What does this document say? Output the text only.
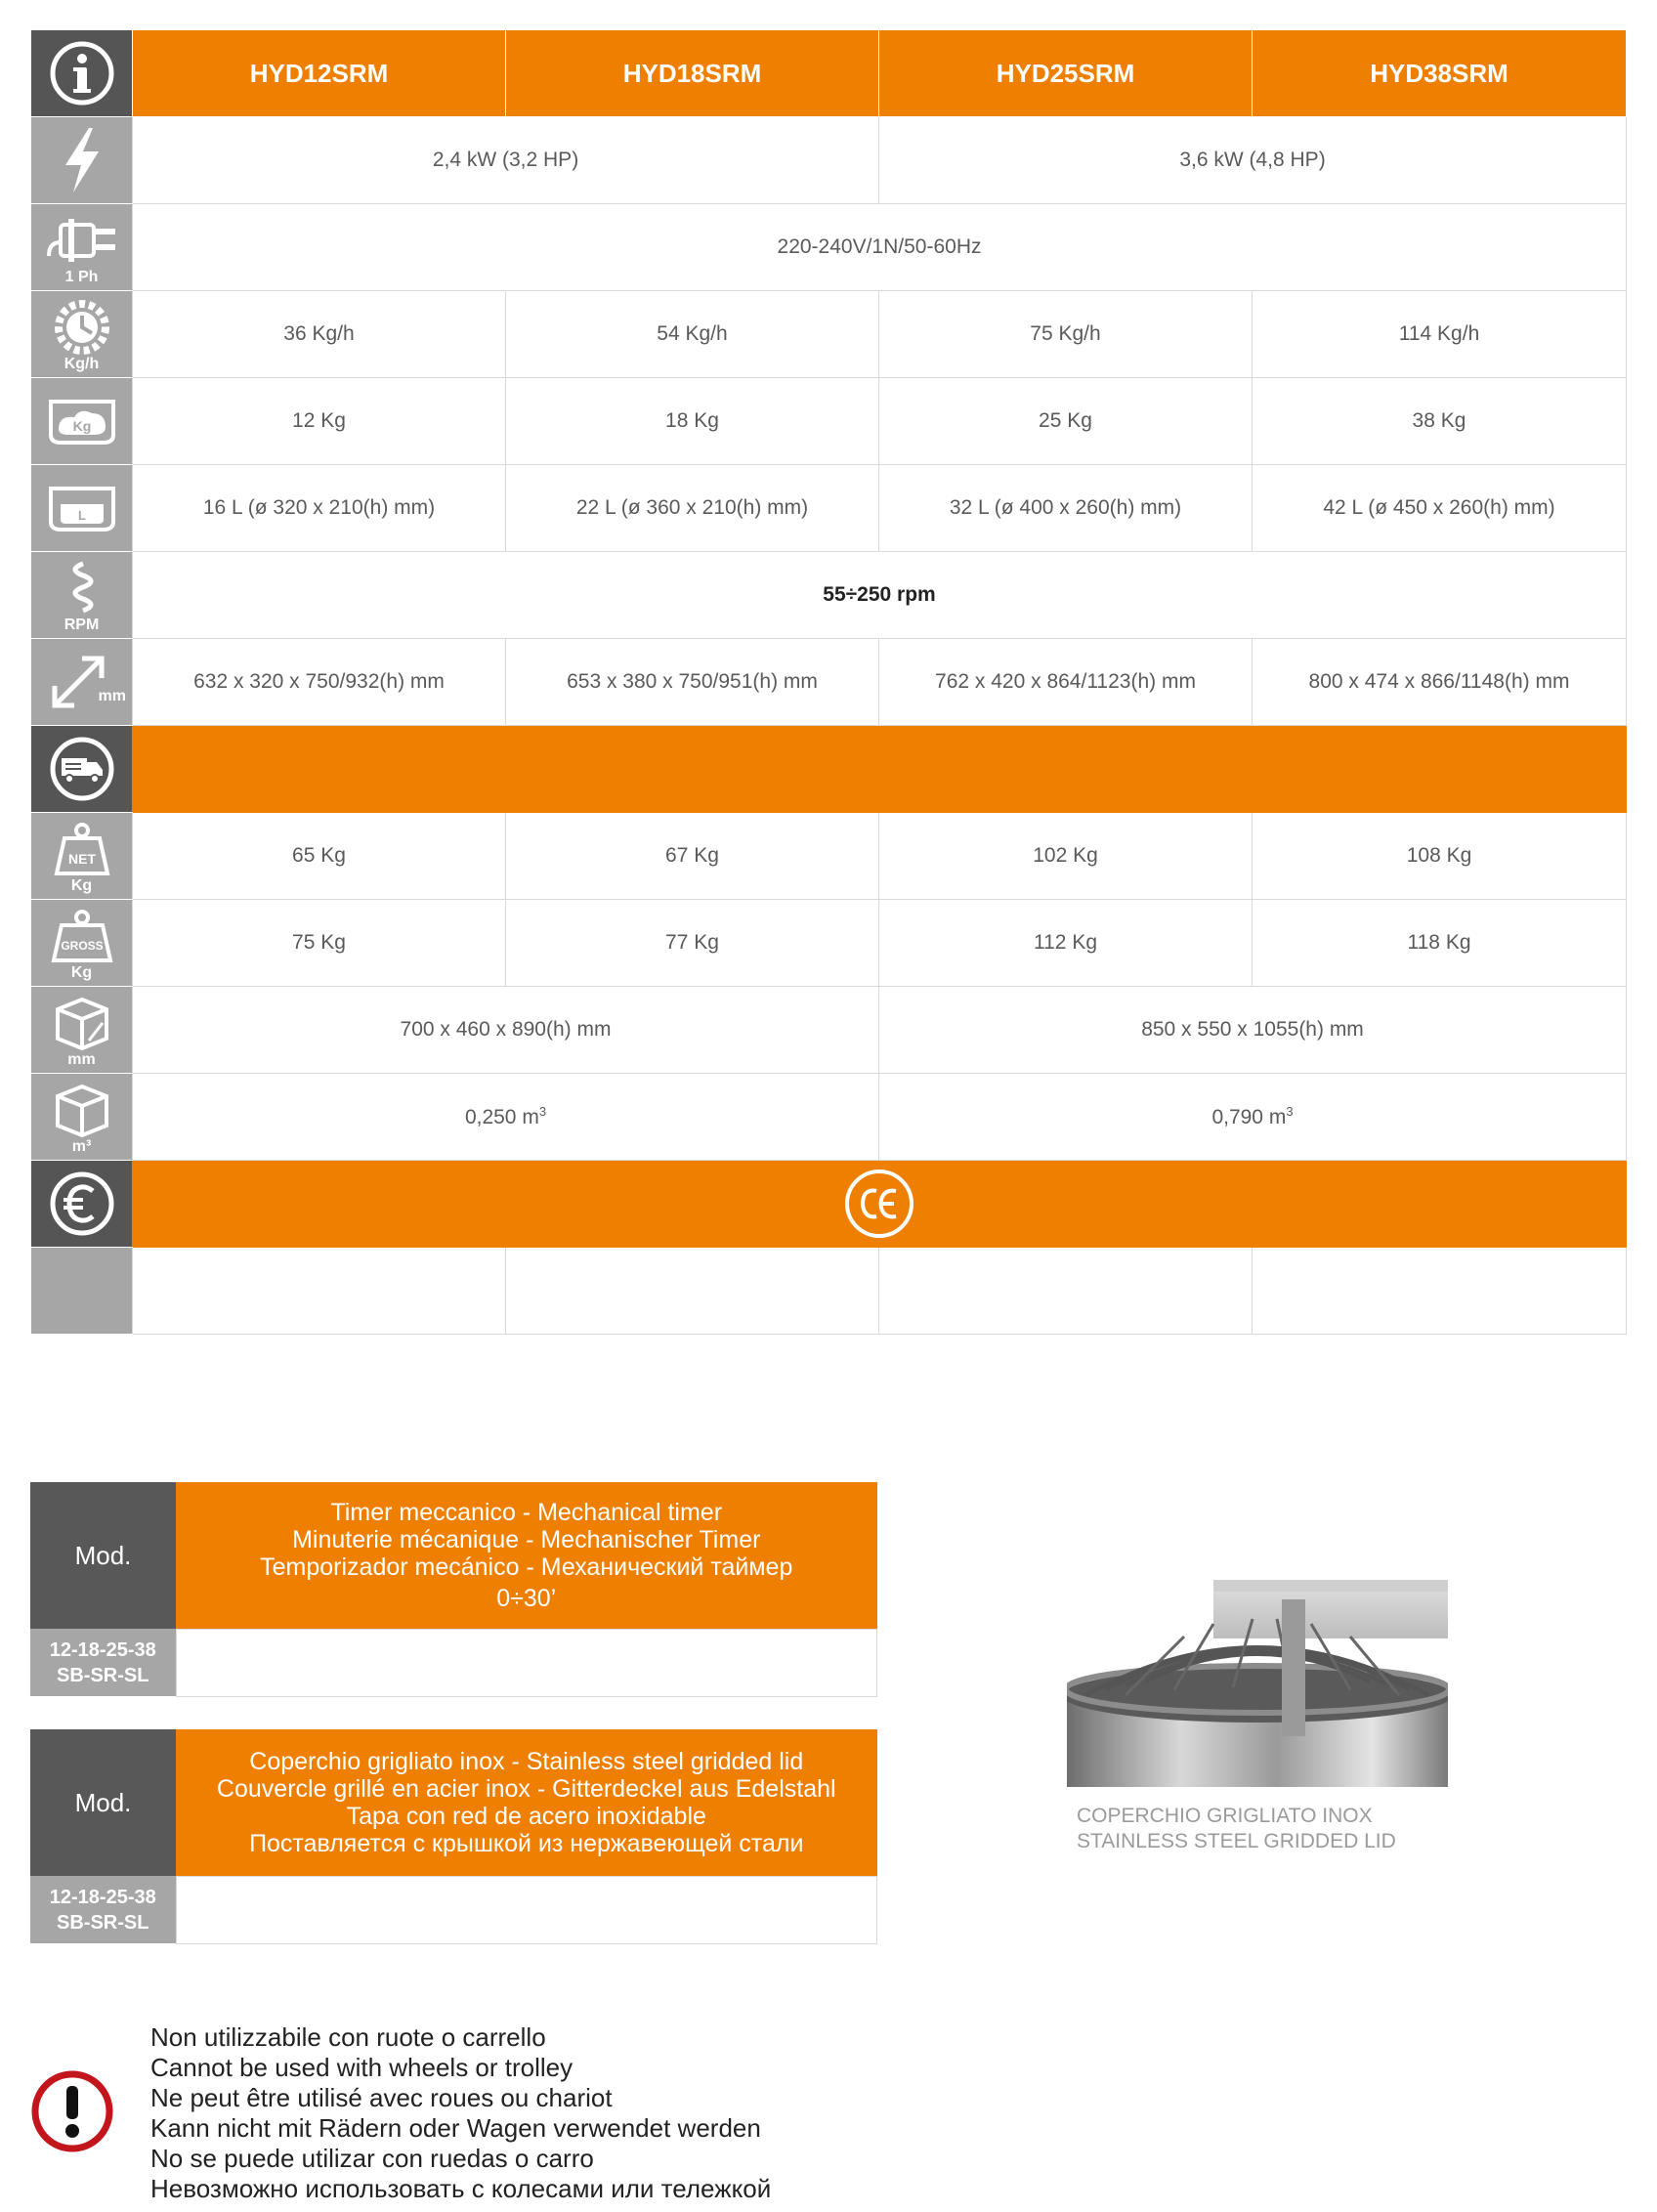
	HYD12SRM	HYD18SRM	HYD25SRM	HYD38SRM

	2,4 kW (3,2 HP)		3,6 kW (4,8 HP)	

1 Ph	220-240V/1N/50-60Hz			

Kg/h	36 Kg/h	54 Kg/h	75 Kg/h	114 Kg/h

Kg	12 Kg	18 Kg	25 Kg	38 Kg

L	16 L (ø 320 x 210(h) mm)	22 L (ø 360 x 210(h) mm)	32 L (ø 400 x 260(h) mm)	42 L (ø 450 x 260(h) mm)

RPM	55÷250 rpm			

mm	632 x 320 x 750/932(h) mm	653 x 380 x 750/951(h) mm	762 x 420 x 864/1123(h) mm	800 x 474 x 866/1148(h) mm

NET
Kg	65 Kg	67 Kg	102 Kg	108 Kg

GROSS
Kg	75 Kg	77 Kg	112 Kg	118 Kg

mm	700 x 460 x 890(h) mm		850 x 550 x 1055(h) mm	

m³	0,250 $m^3$		0,790 $m^3$

Mod.	Timer meccanico - Mechanical timer
Minuterie mécanique - Mechanischer Timer
Temporizador mecánico - Механический таймер
0÷30’

12-18-25-38
SB-SR-SL	

Mod.	Coperchio grigliato inox - Stainless steel gridded lid
Couvercle grillé en acier inox - Gitterdeckel aus Edelstahl
Tapa con red de acero inoxidable
Поставляется с крышкой из нержавеющей стали

12-18-25-38
SB-SR-SL	

COPERCHIO GRIGLIATO INOX
STAINLESS STEEL GRIDDED LID
Non utilizzabile con ruote o carrello
Cannot be used with wheels or trolley
Ne peut être utilisé avec roues ou chariot
Kann nicht mit Rädern oder Wagen verwendet werden
No se puede utilizar con ruedas o carro
Невозможно использовать с колесами или тележкой
